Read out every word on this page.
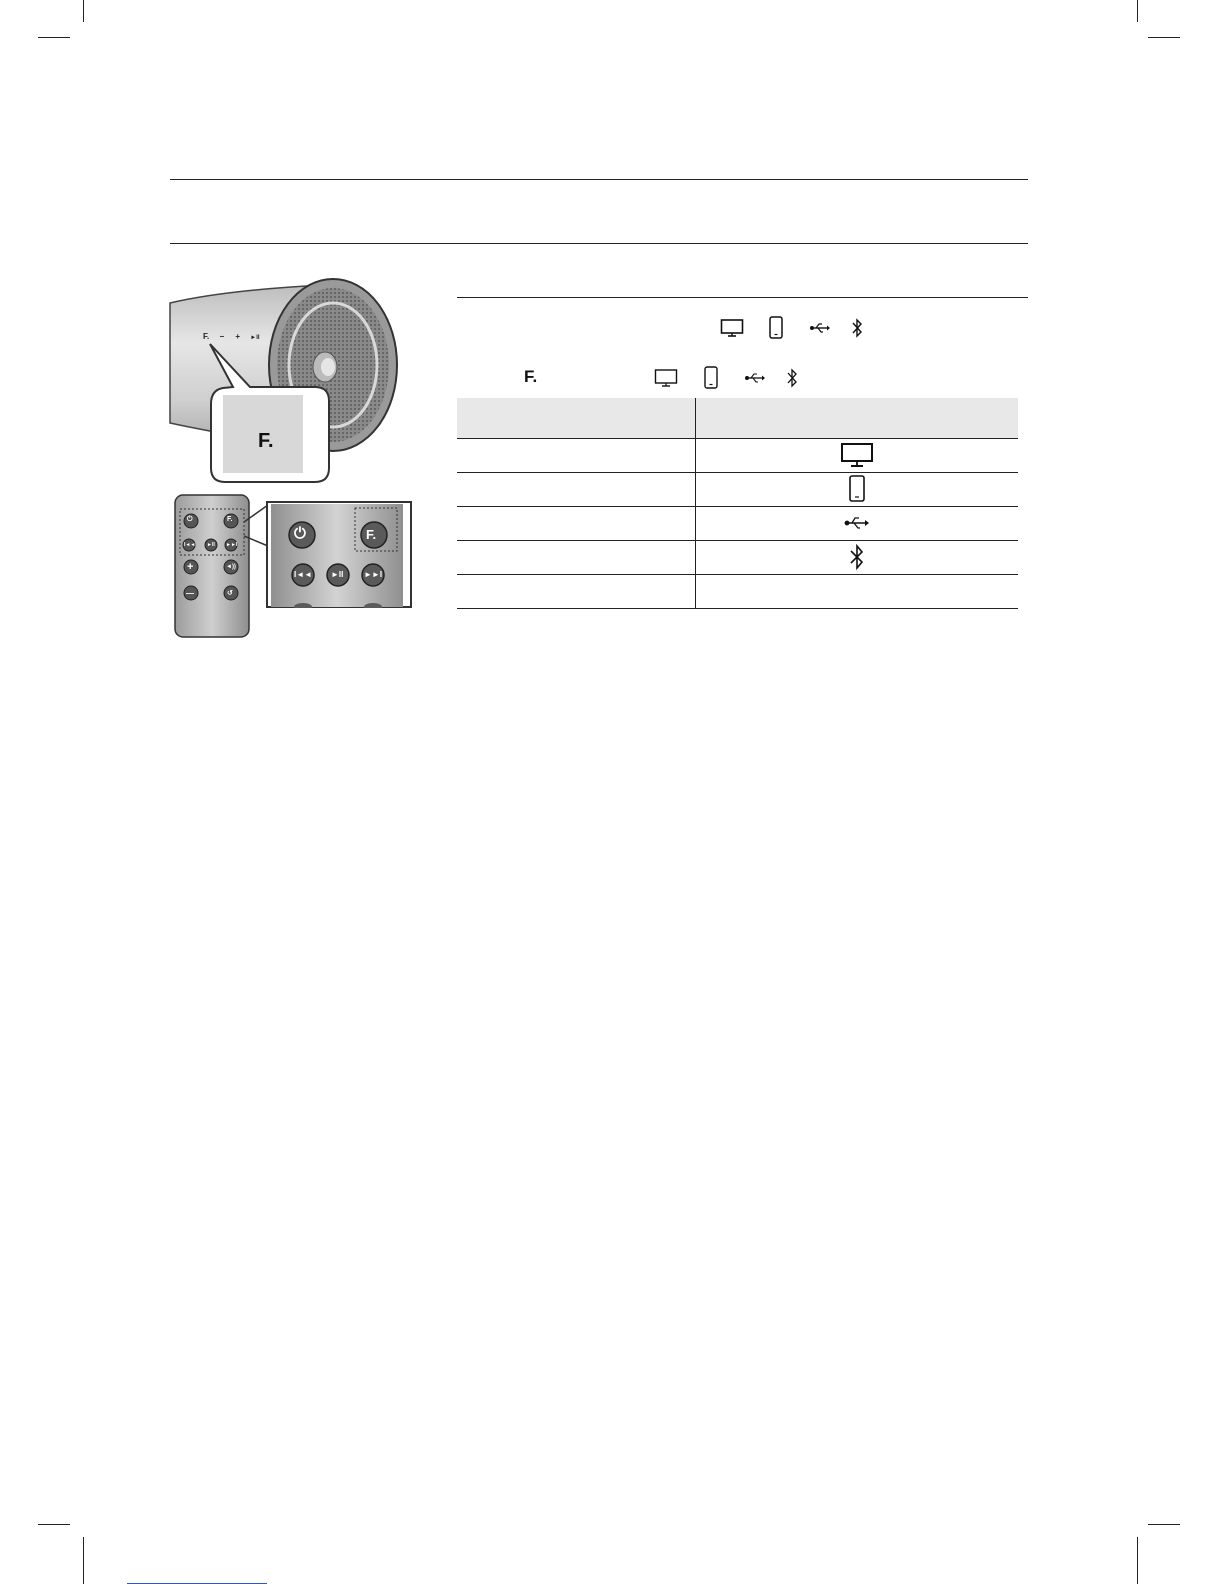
F. − + ►II
F.
⏻	F.
I◄◄ ►II ►►I
+	◄))
—	↺
⏻	F.
I◄◄ ►II	►►I
F.
